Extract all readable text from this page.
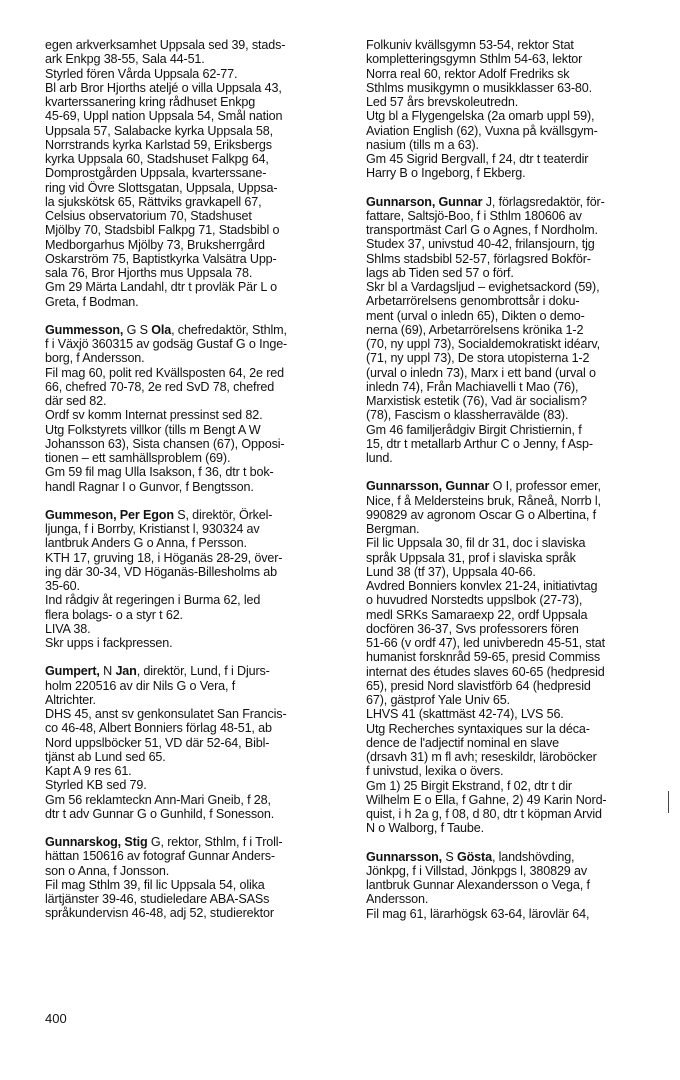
egen arkverksamhet Uppsala sed 39, stads-
ark Enkpg 38-55, Sala 44-51.
Styrled fören Vårda Uppsala 62-77.
Bl arb Bror Hjorths ateljé o villa Uppsala 43,
kvarterssanering kring rådhuset Enkpg
45-69, Uppl nation Uppsala 54, Smål nation
Uppsala 57, Salabacke kyrka Uppsala 58,
Norrstrands kyrka Karlstad 59, Eriksbergs
kyrka Uppsala 60, Stadshuset Falkpg 64,
Domprostgården Uppsala, kvarterssane-
ring vid Övre Slottsgatan, Uppsala, Uppsa-
la sjukskötsk 65, Rättviks gravkapell 67,
Celsius observatorium 70, Stadshuset
Mjölby 70, Stadsbibl Falkpg 71, Stadsbibl o
Medborgarhus Mjölby 73, Bruksherrgård
Oskarström 75, Baptistkyrka Valsätra Upp-
sala 76, Bror Hjorths mus Uppsala 78.
Gm 29 Märta Landahl, dtr t provläk Pär L o
Greta, f Bodman.
Gummesson, G S Ola, chefredaktör, Sthlm,
f i Växjö 360315 av godsäg Gustaf G o Inge-
borg, f Andersson.
Fil mag 60, polit red Kvällsposten 64, 2e red
66, chefred 70-78, 2e red SvD 78, chefred
där sed 82.
Ordf sv komm Internat pressinst sed 82.
Utg Folkstyrets villkor (tills m Bengt A W
Johansson 63), Sista chansen (67), Opposi-
tionen – ett samhällsproblem (69).
Gm 59 fil mag Ulla Isakson, f 36, dtr t bok-
handl Ragnar I o Gunvor, f Bengtsson.
Gummeson, Per Egon S, direktör, Örkel-
ljunga, f i Borrby, Kristianst l, 930324 av
lantbruk Anders G o Anna, f Persson.
KTH 17, gruving 18, i Höganäs 28-29, över-
ing där 30-34, VD Höganäs-Billesholms ab
35-60.
Ind rådgiv åt regeringen i Burma 62, led
flera bolags- o a styr t 62.
LIVA 38.
Skr upps i fackpressen.
Gumpert, N Jan, direktör, Lund, f i Djurs-
holm 220516 av dir Nils G o Vera, f
Altrichter.
DHS 45, anst sv genkonsulatet San Francis-
co 46-48, Albert Bonniers förlag 48-51, ab
Nord uppslböcker 51, VD där 52-64, Bibl-
tjänst ab Lund sed 65.
Kapt A 9 res 61.
Styrled KB sed 79.
Gm 56 reklamteckn Ann-Mari Gneib, f 28,
dtr t adv Gunnar G o Gunhild, f Sonesson.
Gunnarskog, Stig G, rektor, Sthlm, f i Troll-
hättan 150616 av fotograf Gunnar Anders-
son o Anna, f Jonsson.
Fil mag Sthlm 39, fil lic Uppsala 54, olika
lärtjänster 39-46, studieledare ABA-SASs
språkundervisn 46-48, adj 52, studierektor
Folkuniv kvällsgymn 53-54, rektor Stat
kompletteringsgymn Sthlm 54-63, lektor
Norra real 60, rektor Adolf Fredriks sk
Sthlms musikgymn o musikklasser 63-80.
Led 57 års brevskoleutredn.
Utg bl a Flygengelska (2a omarb uppl 59),
Aviation English (62), Vuxna på kvällsgym-
nasium (tills m a 63).
Gm 45 Sigrid Bergvall, f 24, dtr t teaterdir
Harry B o Ingeborg, f Ekberg.
Gunnarson, Gunnar J, förlagsredaktör, för-
fattare, Saltsjö-Boo, f i Sthlm 180606 av
transportmäst Carl G o Agnes, f Nordholm.
Studex 37, univstud 40-42, frilansjourn, tjg
Shlms stadsbibl 52-57, förlagsred Bokför-
lags ab Tiden sed 57 o förf.
Skr bl a Vardagsljud – evighetsackord (59),
Arbetarrörelsens genombrottsår i doku-
ment (urval o inledn 65), Dikten o demo-
nerna (69), Arbetarrörelsens krönika 1-2
(70, ny uppl 73), Socialdemokratiskt idéarv,
(71, ny uppl 73), De stora utopisterna 1-2
(urval o inledn 73), Marx i ett band (urval o
inledn 74), Från Machiavelli t Mao (76),
Marxistisk estetik (76), Vad är socialism?
(78), Fascism o klassherravälde (83).
Gm 46 familjerådgiv Birgit Christiernin, f
15, dtr t metallarb Arthur C o Jenny, f Asp-
lund.
Gunnarsson, Gunnar O I, professor emer,
Nice, f å Meldersteins bruk, Råneå, Norrb l,
990829 av agronom Oscar G o Albertina, f
Bergman.
Fil lic Uppsala 30, fil dr 31, doc i slaviska
språk Uppsala 31, prof i slaviska språk
Lund 38 (tf 37), Uppsala 40-66.
Avdred Bonniers konvlex 21-24, initiativtag
o huvudred Norstedts uppslbok (27-73),
medl SRKs Samaraexp 22, ordf Uppsala
docfören 36-37, Svs professorers fören
51-66 (v ordf 47), led univberedn 45-51, stat
humanist forsknråd 59-65, presid Commiss
internat des études slaves 60-65 (hedpresid
65), presid Nord slavistförb 64 (hedpresid
67), gästprof Yale Univ 65.
LHVS 41 (skattmäst 42-74), LVS 56.
Utg Recherches syntaxiques sur la déca-
dence de l'adjectif nominal en slave
(drsavh 31) m fl avh; reseskildr, läroböcker
f univstud, lexika o övers.
Gm 1) 25 Birgit Ekstrand, f 02, dtr t dir
Wilhelm E o Ella, f Gahne, 2) 49 Karin Nord-
quist, i h 2a g, f 08, d 80, dtr t köpman Arvid
N o Walborg, f Taube.
Gunnarsson, S Gösta, landshövding,
Jönkpg, f i Villstad, Jönkpgs l, 380829 av
lantbruk Gunnar Alexandersson o Vega, f
Andersson.
Fil mag 61, lärarhögsk 63-64, lärovlär 64,
400
